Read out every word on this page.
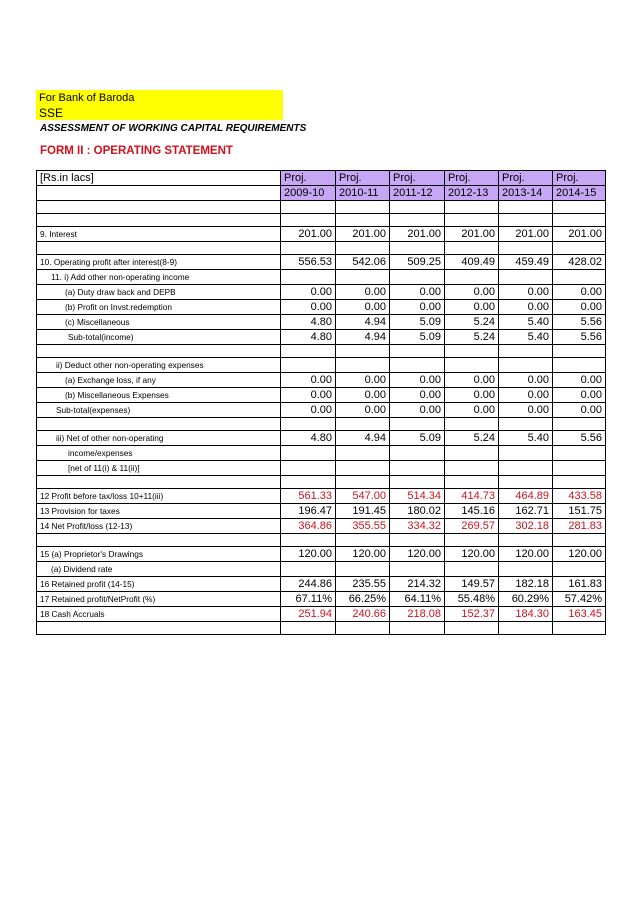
For Bank of Baroda
SSE
ASSESSMENT OF WORKING CAPITAL REQUIREMENTS
FORM II : OPERATING STATEMENT
[Rs.in lacs]	Proj.	Proj.	Proj.	Proj.	Proj.	Proj.
	2009-10	2010-11	2011-12	2012-13	2013-14	2014-15

9. Interest	201.00	201.00	201.00	201.00	201.00	201.00

10. Operating profit after interest(8-9)	556.53	542.06	509.25	409.49	459.49	428.02
11. i) Add other non-operating income						
(a) Duty draw back and DEPB	0.00	0.00	0.00	0.00	0.00	0.00
(b) Profit on Invst.redemption	0.00	0.00	0.00	0.00	0.00	0.00
(c) Miscellaneous	4.80	4.94	5.09	5.24	5.40	5.56
Sub-total(income)	4.80	4.94	5.09	5.24	5.40	5.56

ii) Deduct other non-operating expenses						
(a) Exchange loss, if any	0.00	0.00	0.00	0.00	0.00	0.00
(b) Miscellaneous Expenses	0.00	0.00	0.00	0.00	0.00	0.00
Sub-total(expenses)	0.00	0.00	0.00	0.00	0.00	0.00

iii) Net of other non-operating	4.80	4.94	5.09	5.24	5.40	5.56
income/expenses						
[net of 11(i) & 11(ii)]						

12 Profit before tax/loss 10+11(iii)	561.33	547.00	514.34	414.73	464.89	433.58
13 Provision for taxes	196.47	191.45	180.02	145.16	162.71	151.75
14 Net Profit/loss (12-13)	364.86	355.55	334.32	269.57	302.18	281.83

15 (a) Proprietor's Drawings	120.00	120.00	120.00	120.00	120.00	120.00
(a) Dividend rate						
16 Retained profit (14-15)	244.86	235.55	214.32	149.57	182.18	161.83
17 Retained profit/NetProfit (%)	67.11%	66.25%	64.11%	55.48%	60.29%	57.42%
18 Cash Accruals	251.94	240.66	218.08	152.37	184.30	163.45
